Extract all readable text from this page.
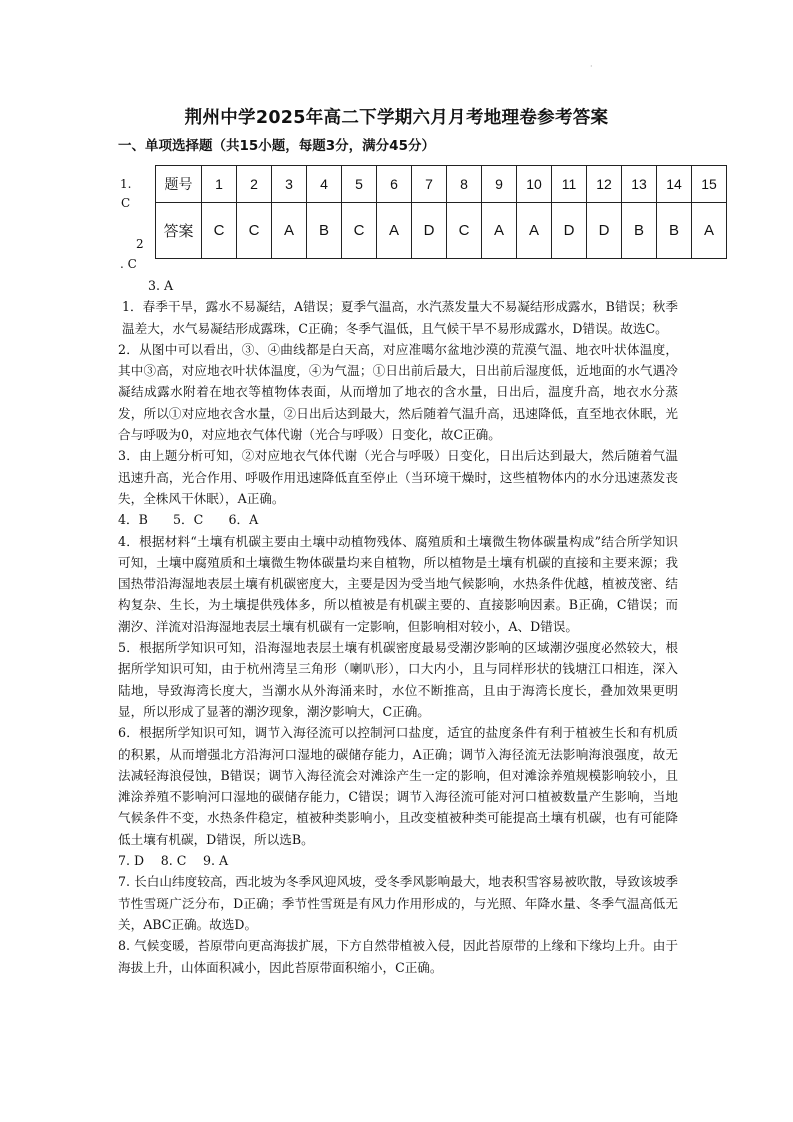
·
荆州中学2025年高二下学期六月月考地理卷参考答案
一、单项选择题（共15小题，每题3分，满分45分）
1.
C
2
. C
题号	1	2	3	4	5	6	7	8	9	10	11	12	13	14	15
答案	C	C	A	B	C	A	D	C	A	A	D	D	B	B	A

3. A

1．春季干旱，露水不易凝结，A错误；夏季气温高，水汽蒸发量大不易凝结形成露水，B错误；秋季温差大，水气易凝结形成露珠，C正确；冬季气温低，且气候干旱不易形成露水，D错误。故选C。

2．从图中可以看出，③、④曲线都是白天高，对应准噶尔盆地沙漠的荒漠气温、地衣叶状体温度，其中③高，对应地衣叶状体温度，④为气温；①日出前后最大，日出前后湿度低，近地面的水气遇冷凝结成露水附着在地衣等植物体表面，从而增加了地衣的含水量，日出后，温度升高，地衣水分蒸发，所以①对应地衣含水量，②日出后达到最大，然后随着气温升高，迅速降低，直至地衣休眠，光合与呼吸为0，对应地衣气体代谢（光合与呼吸）日变化，故C正确。

3．由上题分析可知，②对应地衣气体代谢（光合与呼吸）日变化，日出后达到最大，然后随着气温迅速升高，光合作用、呼吸作用迅速降低直至停止（当环境干燥时，这些植物体内的水分迅速蒸发丧失，全株风干休眠），A正确。

4．B　　5．C　　6．A

4．根据材料“土壤有机碳主要由土壤中动植物残体、腐殖质和土壤微生物体碳量构成”结合所学知识可知，土壤中腐殖质和土壤微生物体碳量均来自植物，所以植物是土壤有机碳的直接和主要来源；我国热带沿海湿地表层土壤有机碳密度大，主要是因为受当地气候影响，水热条件优越，植被茂密、结构复杂、生长，为土壤提供残体多，所以植被是有机碳主要的、直接影响因素。B正确，C错误；而潮汐、洋流对沿海湿地表层土壤有机碳有一定影响，但影响相对较小，A、D错误。

5．根据所学知识可知，沿海湿地表层土壤有机碳密度最易受潮汐影响的区域潮汐强度必然较大，根据所学知识可知，由于杭州湾呈三角形（喇叭形），口大内小，且与同样形状的钱塘江口相连，深入陆地，导致海湾长度大，当潮水从外海涌来时，水位不断推高，且由于海湾长度长，叠加效果更明显，所以形成了显著的潮汐现象，潮汐影响大，C正确。

6．根据所学知识可知，调节入海径流可以控制河口盐度，适宜的盐度条件有利于植被生长和有机质的积累，从而增强北方沿海河口湿地的碳储存能力，A正确；调节入海径流无法影响海浪强度，故无法减轻海浪侵蚀，B错误；调节入海径流会对滩涂产生一定的影响，但对滩涂养殖规模影响较小，且滩涂养殖不影响河口湿地的碳储存能力，C错误；调节入海径流可能对河口植被数量产生影响，当地气候条件不变，水热条件稳定，植被种类影响小，且改变植被种类可能提高土壤有机碳，也有可能降低土壤有机碳，D错误，所以选B。

7. D　 8. C　 9. A

7. 长白山纬度较高，西北坡为冬季风迎风坡，受冬季风影响最大，地表积雪容易被吹散，导致该坡季节性雪斑广泛分布，D正确；季节性雪斑是有风力作用形成的，与光照、年降水量、冬季气温高低无关，ABC正确。故选D。

8. 气候变暖，苔原带向更高海拔扩展，下方自然带植被入侵，因此苔原带的上缘和下缘均上升。由于海拔上升，山体面积减小，因此苔原带面积缩小，C正确。
